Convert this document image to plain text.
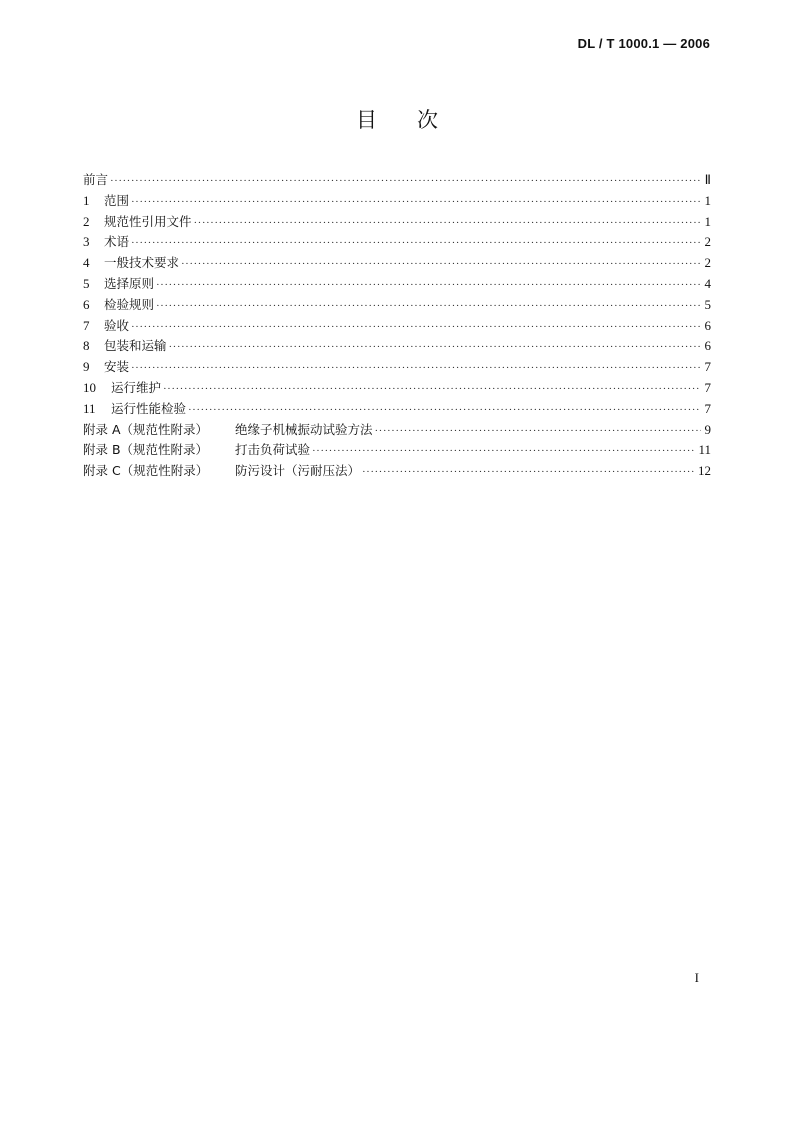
DL / T 1000.1 — 2006
目 次
前言 ·····	Ⅱ
1	范围 ·····	1
2	规范性引用文件 ·····	1
3	术语 ·····	2
4	一般技术要求 ·····	2
5	选择原则 ·····	4
6	检验规则 ·····	5
7	验收 ·····	6
8	包装和运输 ·····	6
9	安装 ·····	7
10	运行维护 ·····	7
11	运行性能检验 ·····	7
附录 A（规范性附录）	绝缘子机械振动试验方法 ·····	9
附录 B（规范性附录）	打击负荷试验 ·····	11
附录 C（规范性附录）	防污设计（污耐压法） ·····	12
I
